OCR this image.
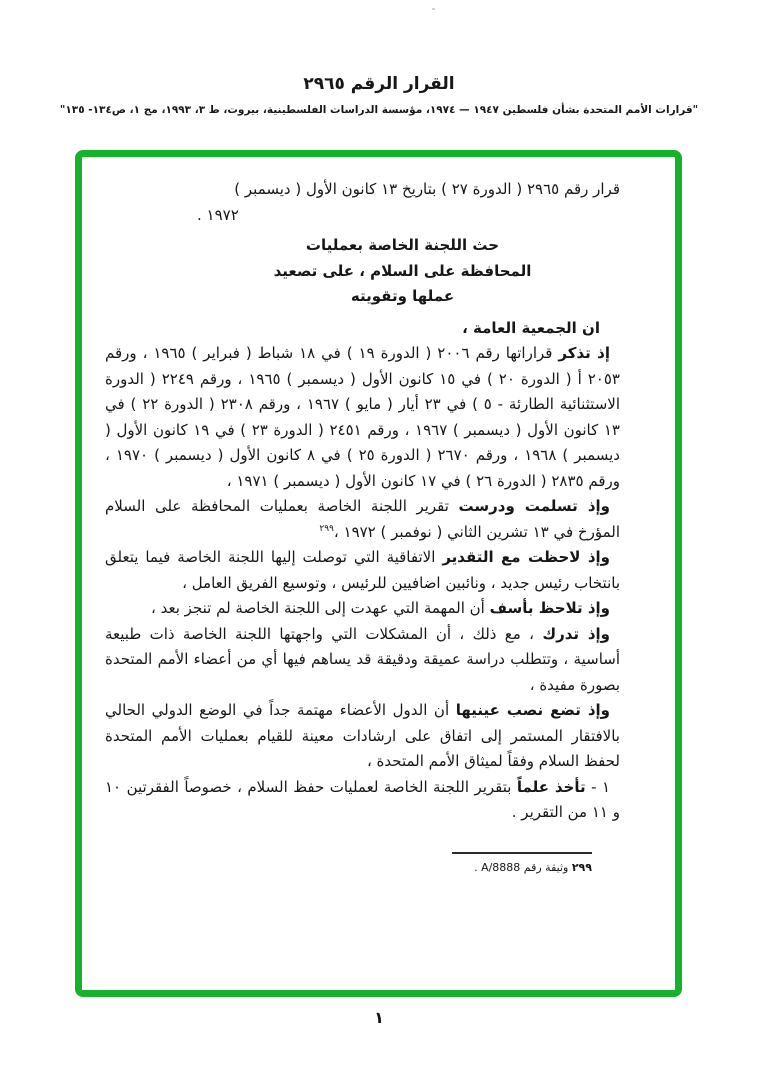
القرار الرقم ٢٩٦٥
"قرارات الأمم المتحدة بشأن فلسطين ١٩٤٧ — ١٩٧٤، مؤسسة الدراسات الفلسطينية، بيروت، ط ٣، ١٩٩٣، مج ١، ص١٣٤- ١٣٥"
قرار رقم ٢٩٦٥ ( الدورة ٢٧ ) بتاريخ ١٣ كانون الأول ( ديسمبر )
١٩٧٢ .
حث اللجنة الخاصة بعمليات
المحافظة على السلام ، على تصعيد
عملها وتقويته

ان الجمعية العامة ،

إذ تذكر قراراتها رقم ٢٠٠٦ ( الدورة ١٩ ) في ١٨ شباط ( فبراير ) ١٩٦٥ ، ورقم ٢٠٥٣ أ ( الدورة ٢٠ ) في ١٥ كانون الأول ( ديسمبر ) ١٩٦٥ ، ورقم ٢٢٤٩ ( الدورة الاستثنائية الطارئة - ٥ ) في ٢٣ أيار ( مايو ) ١٩٦٧ ، ورقم ٢٣٠٨ ( الدورة ٢٢ ) في ١٣ كانون الأول ( ديسمبر ) ١٩٦٧ ، ورقم ٢٤٥١ ( الدورة ٢٣ ) في ١٩ كانون الأول ( ديسمبر ) ١٩٦٨ ، ورقم ٢٦٧٠ ( الدورة ٢٥ ) في ٨ كانون الأول ( ديسمبر ) ١٩٧٠ ، ورقم ٢٨٣٥ ( الدورة ٢٦ ) في ١٧ كانون الأول ( ديسمبر ) ١٩٧١ ،

وإذ تسلمت ودرست تقرير اللجنة الخاصة بعمليات المحافظة على السلام المؤرخ في ١٣ تشرين الثاني ( نوفمبر ) ١٩٧٢ ،$^{٢٩٩}$

وإذ لاحظت مع التقدير الاتفاقية التي توصلت إليها اللجنة الخاصة فيما يتعلق بانتخاب رئيس جديد ، ونائبين اضافيين للرئيس ، وتوسيع الفريق العامل ،

وإذ تلاحظ بأسف أن المهمة التي عهدت إلى اللجنة الخاصة لم تنجز بعد ،

وإذ تدرك ، مع ذلك ، أن المشكلات التي واجهتها اللجنة الخاصة ذات طبيعة أساسية ، وتتطلب دراسة عميقة ودقيقة قد يساهم فيها أي من أعضاء الأمم المتحدة بصورة مفيدة ،

وإذ تضع نصب عينيها أن الدول الأعضاء مهتمة جداً في الوضع الدولي الحالي بالافتقار المستمر إلى اتفاق على ارشادات معينة للقيام بعمليات الأمم المتحدة لحفظ السلام وفقاً لميثاق الأمم المتحدة ،

١ - تأخذ علماً بتقرير اللجنة الخاصة لعمليات حفظ السلام ، خصوصاً الفقرتين ١٠ و ١١ من التقرير .

٢٩٩ وثيقة رقم A/8888 .
١
